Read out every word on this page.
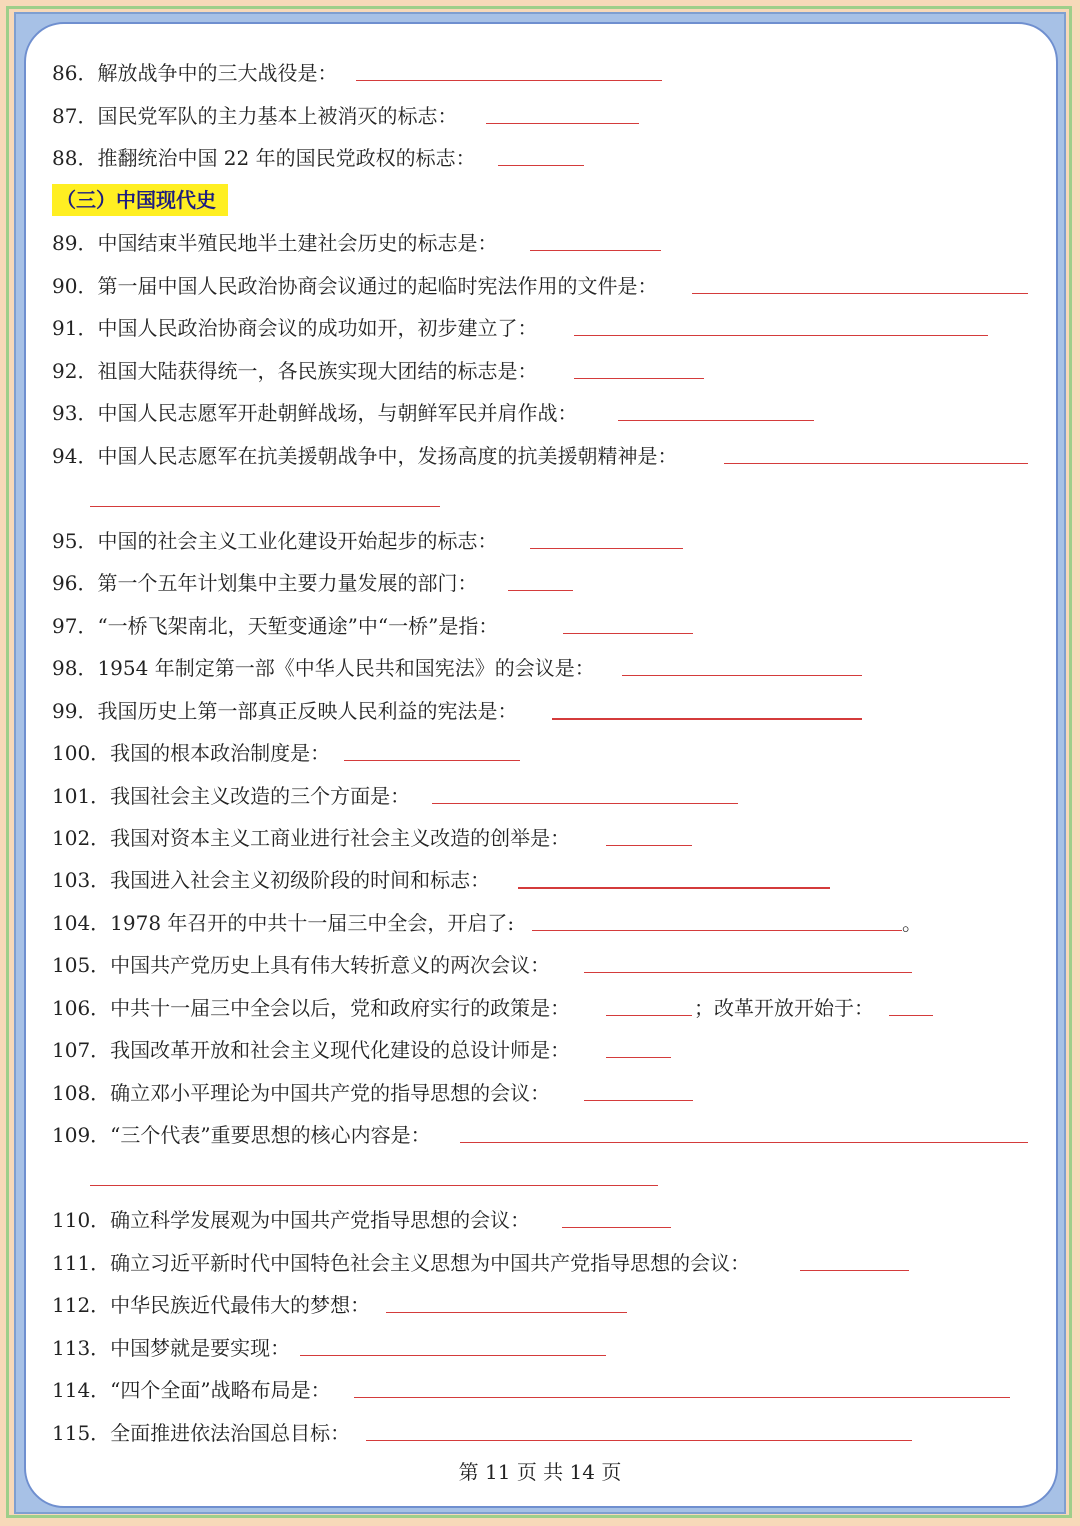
（三）中国现代史
86．解放战争中的三大战役是：
87．国民党军队的主力基本上被消灭的标志：
88．推翻统治中国 22 年的国民党政权的标志：
89．中国结束半殖民地半土建社会历史的标志是：
90．第一届中国人民政治协商会议通过的起临时宪法作用的文件是：
91．中国人民政治协商会议的成功如开，初步建立了：
92．祖国大陆获得统一，各民族实现大团结的标志是：
93．中国人民志愿军开赴朝鲜战场，与朝鲜军民并肩作战：
94．中国人民志愿军在抗美援朝战争中，发扬高度的抗美援朝精神是：
95．中国的社会主义工业化建设开始起步的标志：
96．第一个五年计划集中主要力量发展的部门：
97．“一桥飞架南北，天堑变通途”中“一桥”是指：
98．1954 年制定第一部《中华人民共和国宪法》的会议是：
99．我国历史上第一部真正反映人民利益的宪法是：
100．我国的根本政治制度是：
101．我国社会主义改造的三个方面是：
102．我国对资本主义工商业进行社会主义改造的创举是：
103．我国进入社会主义初级阶段的时间和标志：
104．1978 年召开的中共十一届三中全会，开启了:	。
105．中国共产党历史上具有伟大转折意义的两次会议：
106．中共十一届三中全会以后，党和政府实行的政策是：	；改革开放开始于：
107．我国改革开放和社会主义现代化建设的总设计师是：
108．确立邓小平理论为中国共产党的指导思想的会议：
109．“三个代表”重要思想的核心内容是：
110．确立科学发展观为中国共产党指导思想的会议：
111．确立习近平新时代中国特色社会主义思想为中国共产党指导思想的会议：
112．中华民族近代最伟大的梦想：
113．中国梦就是要实现：
114．“四个全面”战略布局是：
115．全面推进依法治国总目标：
第 11 页 共 14 页
